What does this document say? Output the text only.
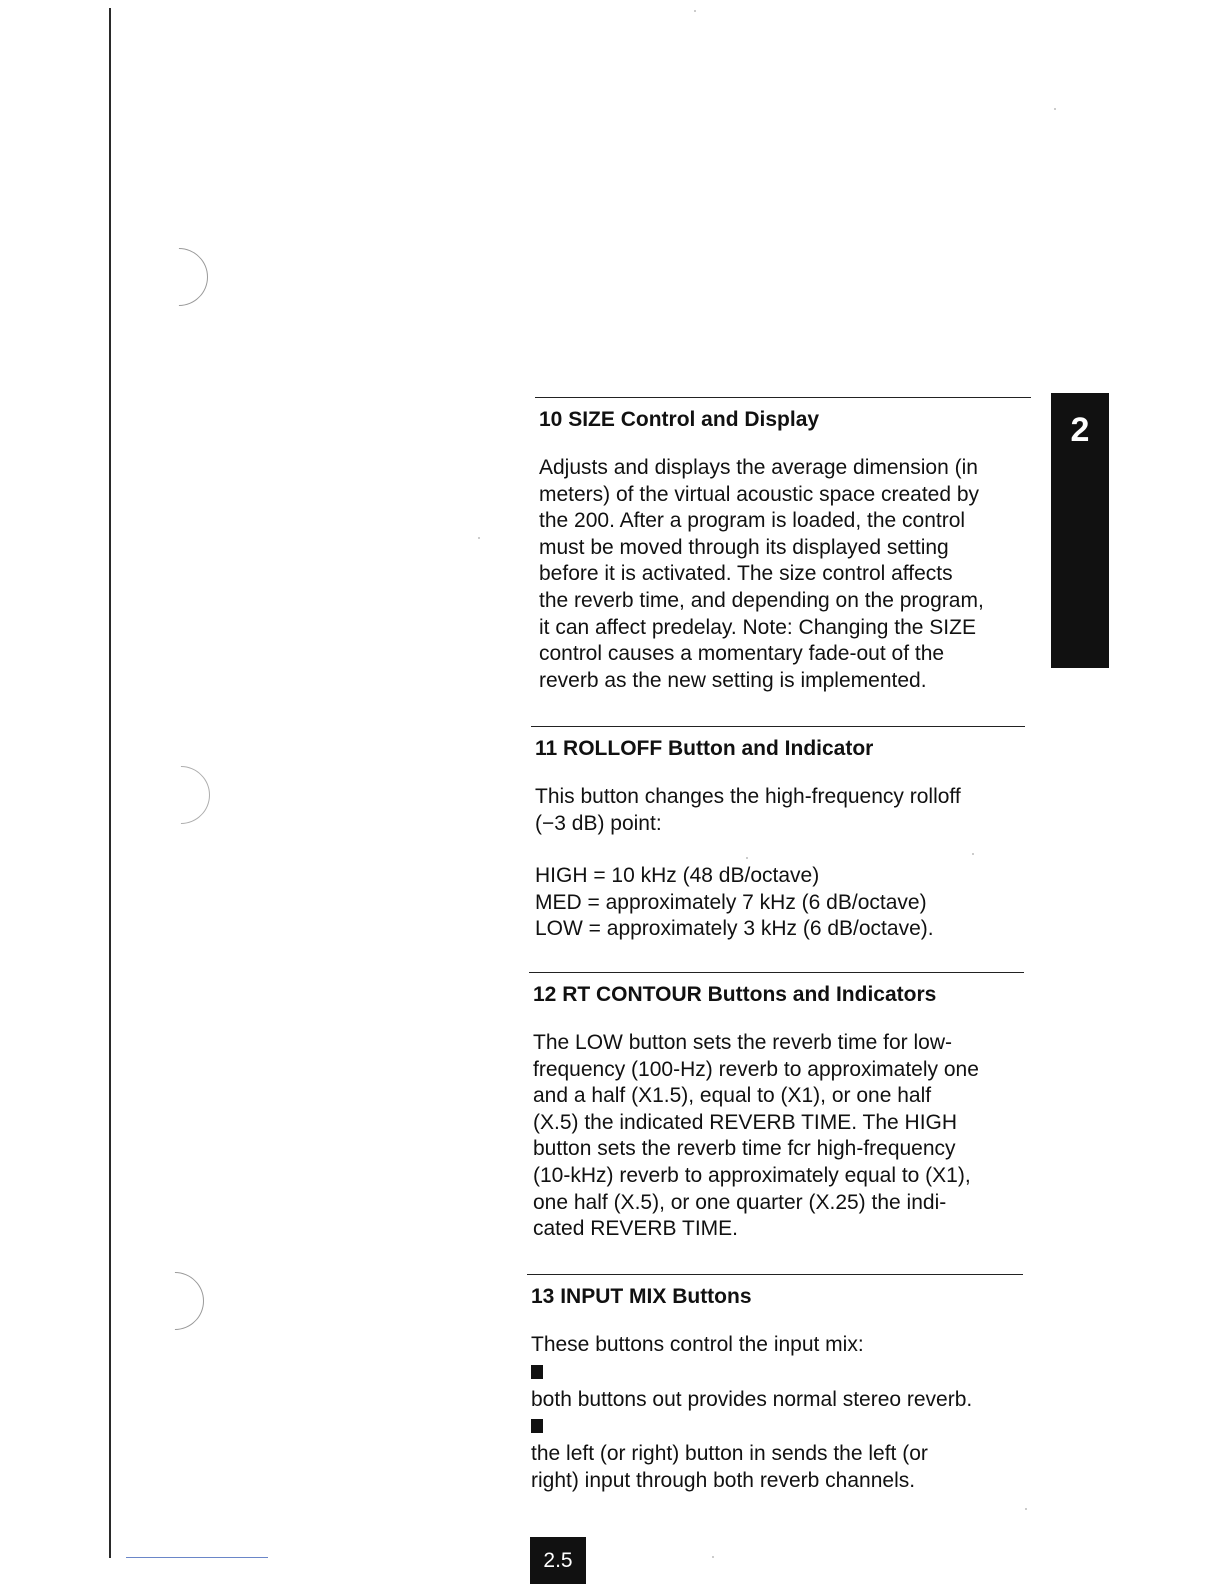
2
10 SIZE Control and Display
Adjusts and displays the average dimension (in
meters) of the virtual acoustic space created by
the 200. After a program is loaded, the control
must be moved through its displayed setting
before it is activated. The size control affects
the reverb time, and depending on the program,
it can affect predelay. Note: Changing the SIZE
control causes a momentary fade-out of the
reverb as the new setting is implemented.
11 ROLLOFF Button and Indicator
This button changes the high-frequency rolloff
(−3 dB) point:
HIGH = 10 kHz (48 dB/octave)
MED = approximately 7 kHz (6 dB/octave)
LOW = approximately 3 kHz (6 dB/octave).
12 RT CONTOUR Buttons and Indicators
The LOW button sets the reverb time for low-
frequency (100-Hz) reverb to approximately one
and a half (X1.5), equal to (X1), or one half
(X.5) the indicated REVERB TIME. The HIGH
button sets the reverb time fcr high-frequency
(10-kHz) reverb to approximately equal to (X1),
one half (X.5), or one quarter (X.25) the indi-
cated REVERB TIME.
13 INPUT MIX Buttons
These buttons control the input mix:
both buttons out provides normal stereo reverb.
the left (or right) button in sends the left (or
right) input through both reverb channels.
2.5
